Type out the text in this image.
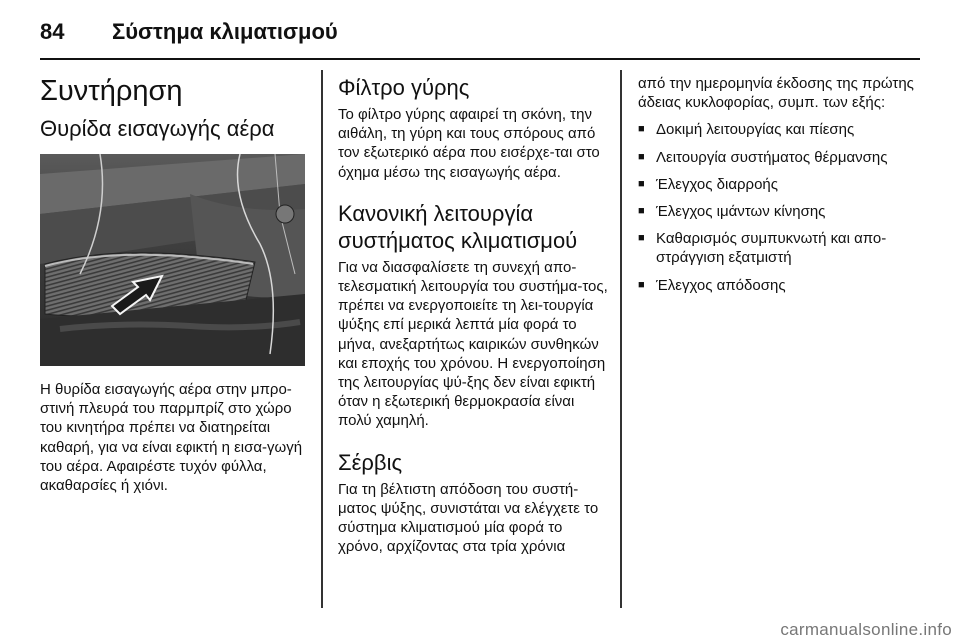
84	Σύστημα κλιματισμού
Συντήρηση
Θυρίδα εισαγωγής αέρα

Η θυρίδα εισαγωγής αέρα στην μπρο-στινή πλευρά του παρμπρίζ στο χώρο του κινητήρα πρέπει να διατηρείται καθαρή, για να είναι εφικτή η εισα-γωγή του αέρα. Αφαιρέστε τυχόν φύλλα, ακαθαρσίες ή χιόνι.

Φίλτρο γύρης

Το φίλτρο γύρης αφαιρεί τη σκόνη, την αιθάλη, τη γύρη και τους σπόρους από τον εξωτερικό αέρα που εισέρχε-ται στο όχημα μέσω της εισαγωγής αέρα.

Κανονική λειτουργία συστήματος κλιματισμού

Για να διασφαλίσετε τη συνεχή απο-τελεσματική λειτουργία του συστήμα-τος, πρέπει να ενεργοποιείτε τη λει-τουργία ψύξης επί μερικά λεπτά μία φορά το μήνα, ανεξαρτήτως καιρικών συνθηκών και εποχής του χρόνου. Η ενεργοποίηση της λειτουργίας ψύ-ξης δεν είναι εφικτή όταν η εξωτερική θερμοκρασία είναι πολύ χαμηλή.

Σέρβις

Για τη βέλτιστη απόδοση του συστή-ματος ψύξης, συνιστάται να ελέγχετε το σύστημα κλιματισμού μία φορά το χρόνο, αρχίζοντας στα τρία χρόνια

από την ημερομηνία έκδοσης της πρώτης άδειας κυκλοφορίας, συμπ. των εξής:

■ Δοκιμή λειτουργίας και πίεσης
■ Λειτουργία συστήματος θέρμανσης
■ Έλεγχος διαρροής
■ Έλεγχος ιμάντων κίνησης
■ Καθαρισμός συμπυκνωτή και απο-στράγγιση εξατμιστή
■ Έλεγχος απόδοσης
carmanualsonline.info
